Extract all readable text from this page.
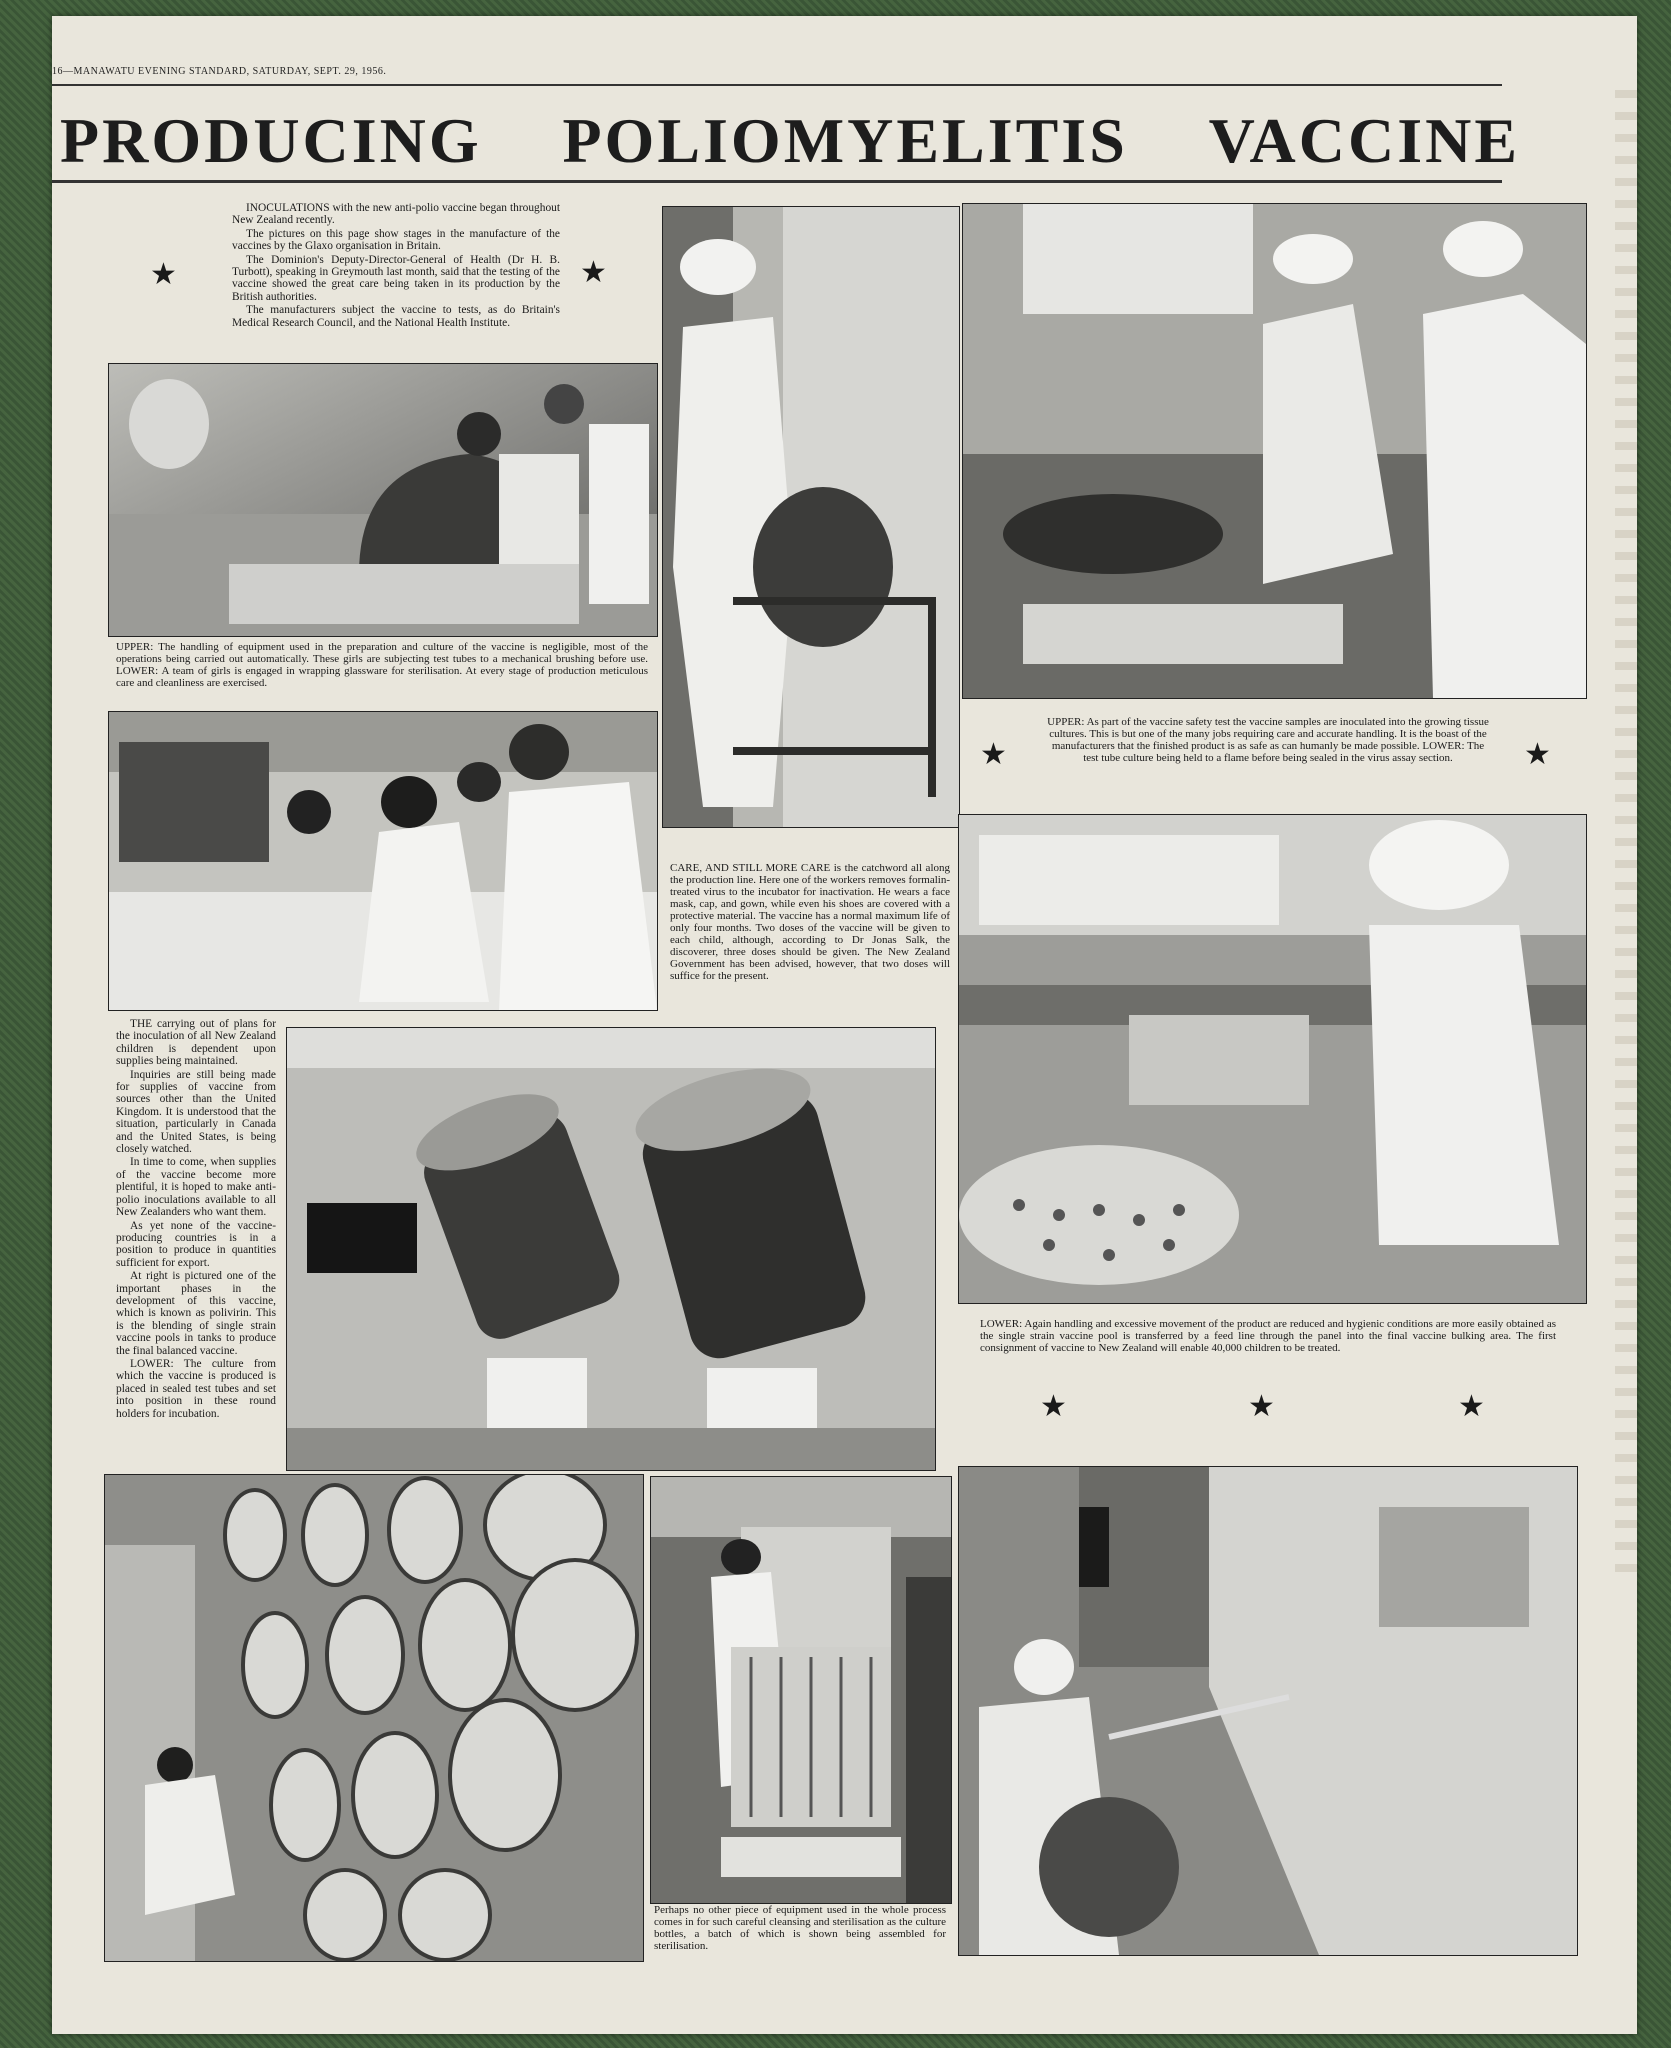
16—MANAWATU EVENING STANDARD, SATURDAY, SEPT. 29, 1956.
PRODUCING POLIOMYELITIS VACCINE
★	★

INOCULATIONS with the new anti-polio vaccine began throughout New Zealand recently.

The pictures on this page show stages in the manufacture of the vaccines by the Glaxo organisation in Britain.

The Dominion's Deputy-Director-General of Health (Dr H. B. Turbott), speaking in Greymouth last month, said that the testing of the vaccine showed the great care being taken in its production by the British authorities.

The manufacturers subject the vaccine to tests, as do Britain's Medical Research Council, and the National Health Institute.

UPPER: The handling of equipment used in the preparation and culture of the vaccine is negligible, most of the operations being carried out automatically. These girls are subjecting test tubes to a mechanical brushing before use. LOWER: A team of girls is engaged in wrapping glassware for sterilisation. At every stage of production meticulous care and cleanliness are exercised.

CARE, AND STILL MORE CARE is the catchword all along the production line. Here one of the workers removes formalin-treated virus to the incubator for inactivation. He wears a face mask, cap, and gown, while even his shoes are covered with a protective material. The vaccine has a normal maximum life of only four months. Two doses of the vaccine will be given to each child, although, according to Dr Jonas Salk, the discoverer, three doses should be given. The New Zealand Government has been advised, however, that two doses will suffice for the present.

★	★

UPPER: As part of the vaccine safety test the vaccine samples are inoculated into the growing tissue cultures. This is but one of the many jobs requiring care and accurate handling. It is the boast of the manufacturers that the finished product is as safe as can humanly be made possible. LOWER: The test tube culture being held to a flame before being sealed in the virus assay section.

THE carrying out of plans for the inoculation of all New Zealand children is dependent upon supplies being maintained.

Inquiries are still being made for supplies of vaccine from sources other than the United Kingdom. It is understood that the situation, particularly in Canada and the United States, is being closely watched.

In time to come, when supplies of the vaccine become more plentiful, it is hoped to make anti-polio inoculations available to all New Zealanders who want them.

As yet none of the vaccine-producing countries is in a position to produce in quantities sufficient for export.

At right is pictured one of the important phases in the development of this vaccine, which is known as polivirin. This is the blending of single strain vaccine pools in tanks to produce the final balanced vaccine.

LOWER: The culture from which the vaccine is produced is placed in sealed test tubes and set into position in these round holders for incubation.

LOWER: Again handling and excessive movement of the product are reduced and hygienic conditions are more easily obtained as the single strain vaccine pool is transferred by a feed line through the panel into the final vaccine bulking area. The first consignment of vaccine to New Zealand will enable 40,000 children to be treated.

★	★	★

Perhaps no other piece of equipment used in the whole process comes in for such careful cleansing and sterilisation as the culture bottles, a batch of which is shown being assembled for sterilisation.
